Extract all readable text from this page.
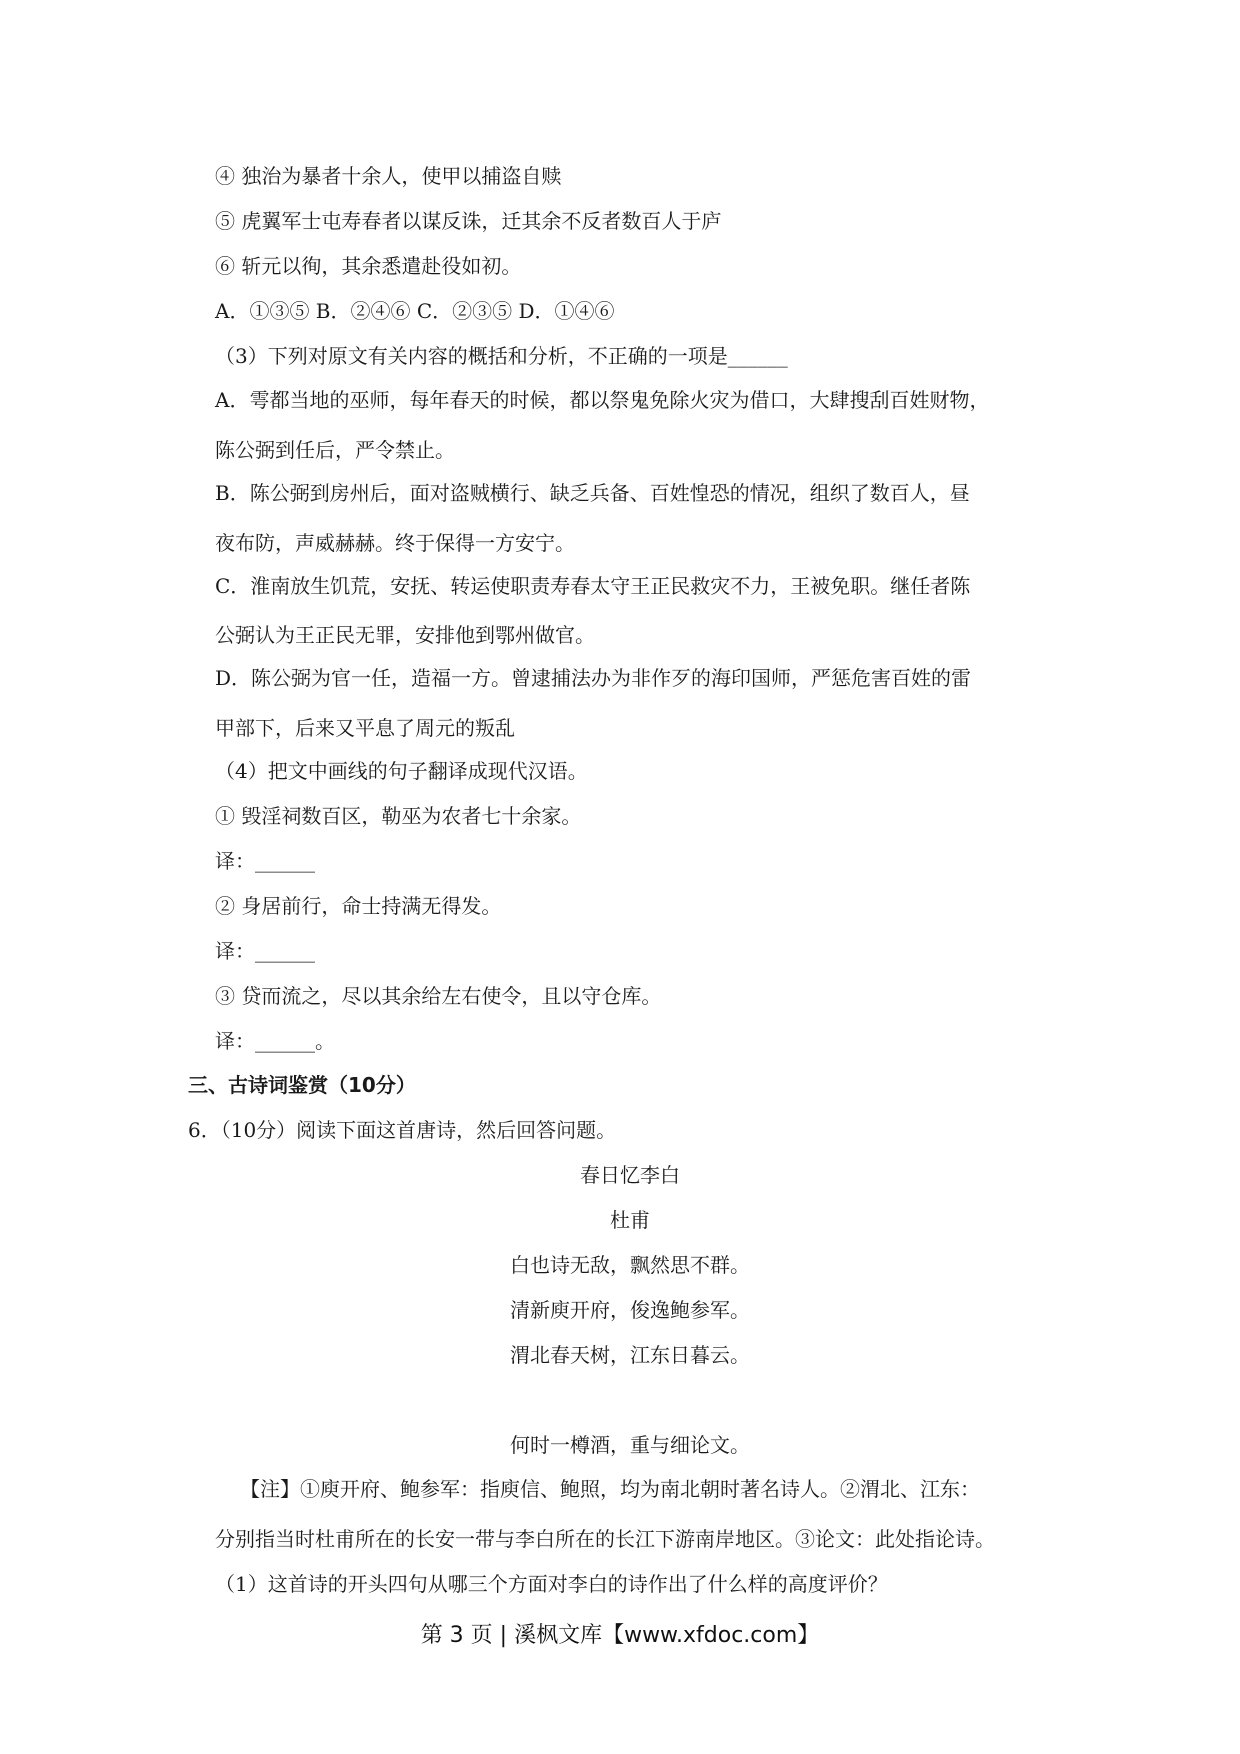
④ 独治为暴者十余人，使甲以捕盗自赎
⑤ 虎翼军士屯寿春者以谋反诛，迁其余不反者数百人于庐
⑥ 斩元以徇，其余悉遣赴役如初。
A．①③⑤ B．②④⑥ C．②③⑤ D．①④⑥
（3）下列对原文有关内容的概括和分析，不正确的一项是______
A．雩都当地的巫师，每年春天的时候，都以祭鬼免除火灾为借口，大肆搜刮百姓财物，
陈公弼到任后，严令禁止。
B．陈公弼到房州后，面对盗贼横行、缺乏兵备、百姓惶恐的情况，组织了数百人，昼
夜布防，声威赫赫。终于保得一方安宁。
C．淮南放生饥荒，安抚、转运使职责寿春太守王正民救灾不力，王被免职。继任者陈
公弼认为王正民无罪，安排他到鄂州做官。
D．陈公弼为官一任，造福一方。曾逮捕法办为非作歹的海印国师，严惩危害百姓的雷
甲部下，后来又平息了周元的叛乱
（4）把文中画线的句子翻译成现代汉语。
① 毁淫祠数百区，勒巫为农者七十余家。
译：______
② 身居前行，命士持满无得发。
译：______
③ 贷而流之，尽以其余给左右使令，且以守仓库。
译：______。
三、古诗词鉴赏（10分）
6．（10分）阅读下面这首唐诗，然后回答问题。
春日忆李白
杜甫
白也诗无敌，飘然思不群。
清新庾开府，俊逸鲍参军。
渭北春天树，江东日暮云。
何时一樽酒，重与细论文。
【注】①庾开府、鲍参军：指庾信、鲍照，均为南北朝时著名诗人。②渭北、江东：
分别指当时杜甫所在的长安一带与李白所在的长江下游南岸地区。③论文：此处指论诗。
（1）这首诗的开头四句从哪三个方面对李白的诗作出了什么样的高度评价？
第 3 页 | 溪枫文库【www.xfdoc.com】
